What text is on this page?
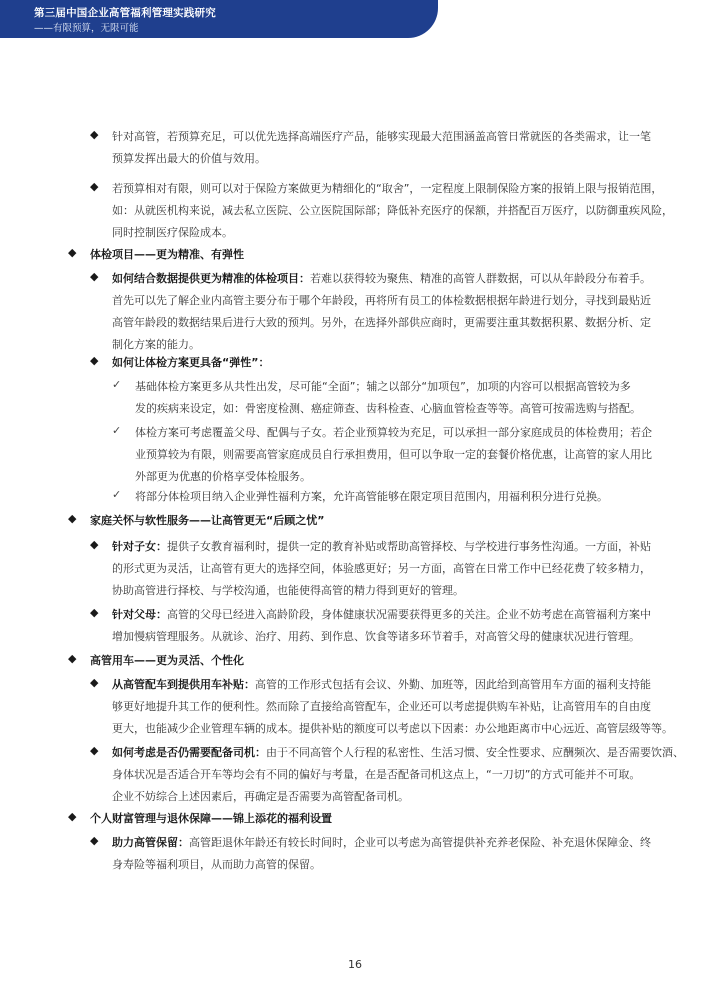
第三届中国企业高管福利管理实践研究
——有限预算，无限可能
◆ 针对高管，若预算充足，可以优先选择高端医疗产品，能够实现最大范围涵盖高管日常就医的各类需求，让一笔
预算发挥出最大的价值与效用。
◆ 若预算相对有限，则可以对于保险方案做更为精细化的“取舍”，一定程度上限制保险方案的报销上限与报销范围，
如：从就医机构来说，减去私立医院、公立医院国际部；降低补充医疗的保额，并搭配百万医疗，以防御重疾风险，
同时控制医疗保险成本。
◆ 体检项目——更为精准、有弹性
◆ 如何结合数据提供更为精准的体检项目：若难以获得较为聚焦、精准的高管人群数据，可以从年龄段分布着手。
首先可以先了解企业内高管主要分布于哪个年龄段，再将所有员工的体检数据根据年龄进行划分，寻找到最贴近
高管年龄段的数据结果后进行大致的预判。另外，在选择外部供应商时，更需要注重其数据积累、数据分析、定
制化方案的能力。
◆ 如何让体检方案更具备“弹性”：
✓ 基础体检方案更多从共性出发，尽可能“全面”；辅之以部分“加项包”，加项的内容可以根据高管较为多
发的疾病来设定，如：骨密度检测、癌症筛查、齿科检查、心脑血管检查等等。高管可按需选购与搭配。
✓ 体检方案可考虑覆盖父母、配偶与子女。若企业预算较为充足，可以承担一部分家庭成员的体检费用；若企
业预算较为有限，则需要高管家庭成员自行承担费用，但可以争取一定的套餐价格优惠，让高管的家人用比
外部更为优惠的价格享受体检服务。
✓ 将部分体检项目纳入企业弹性福利方案，允许高管能够在限定项目范围内，用福利积分进行兑换。
◆ 家庭关怀与软性服务——让高管更无“后顾之忧”
◆ 针对子女：提供子女教育福利时，提供一定的教育补贴或帮助高管择校、与学校进行事务性沟通。一方面，补贴
的形式更为灵活，让高管有更大的选择空间，体验感更好；另一方面，高管在日常工作中已经花费了较多精力，
协助高管进行择校、与学校沟通，也能使得高管的精力得到更好的管理。
◆ 针对父母：高管的父母已经进入高龄阶段，身体健康状况需要获得更多的关注。企业不妨考虑在高管福利方案中
增加慢病管理服务。从就诊、治疗、用药、到作息、饮食等诸多环节着手，对高管父母的健康状况进行管理。
◆ 高管用车——更为灵活、个性化
◆ 从高管配车到提供用车补贴：高管的工作形式包括有会议、外勤、加班等，因此给到高管用车方面的福利支持能
够更好地提升其工作的便利性。然而除了直接给高管配车，企业还可以考虑提供购车补贴，让高管用车的自由度
更大，也能减少企业管理车辆的成本。提供补贴的额度可以考虑以下因素：办公地距离市中心远近、高管层级等等。
◆ 如何考虑是否仍需要配备司机：由于不同高管个人行程的私密性、生活习惯、安全性要求、应酬频次、是否需要饮酒、
身体状况是否适合开车等均会有不同的偏好与考量，在是否配备司机这点上，“一刀切”的方式可能并不可取。
企业不妨综合上述因素后，再确定是否需要为高管配备司机。
◆ 个人财富管理与退休保障——锦上添花的福利设置
◆ 助力高管保留：高管距退休年龄还有较长时间时，企业可以考虑为高管提供补充养老保险、补充退休保障金、终
身寿险等福利项目，从而助力高管的保留。
16
